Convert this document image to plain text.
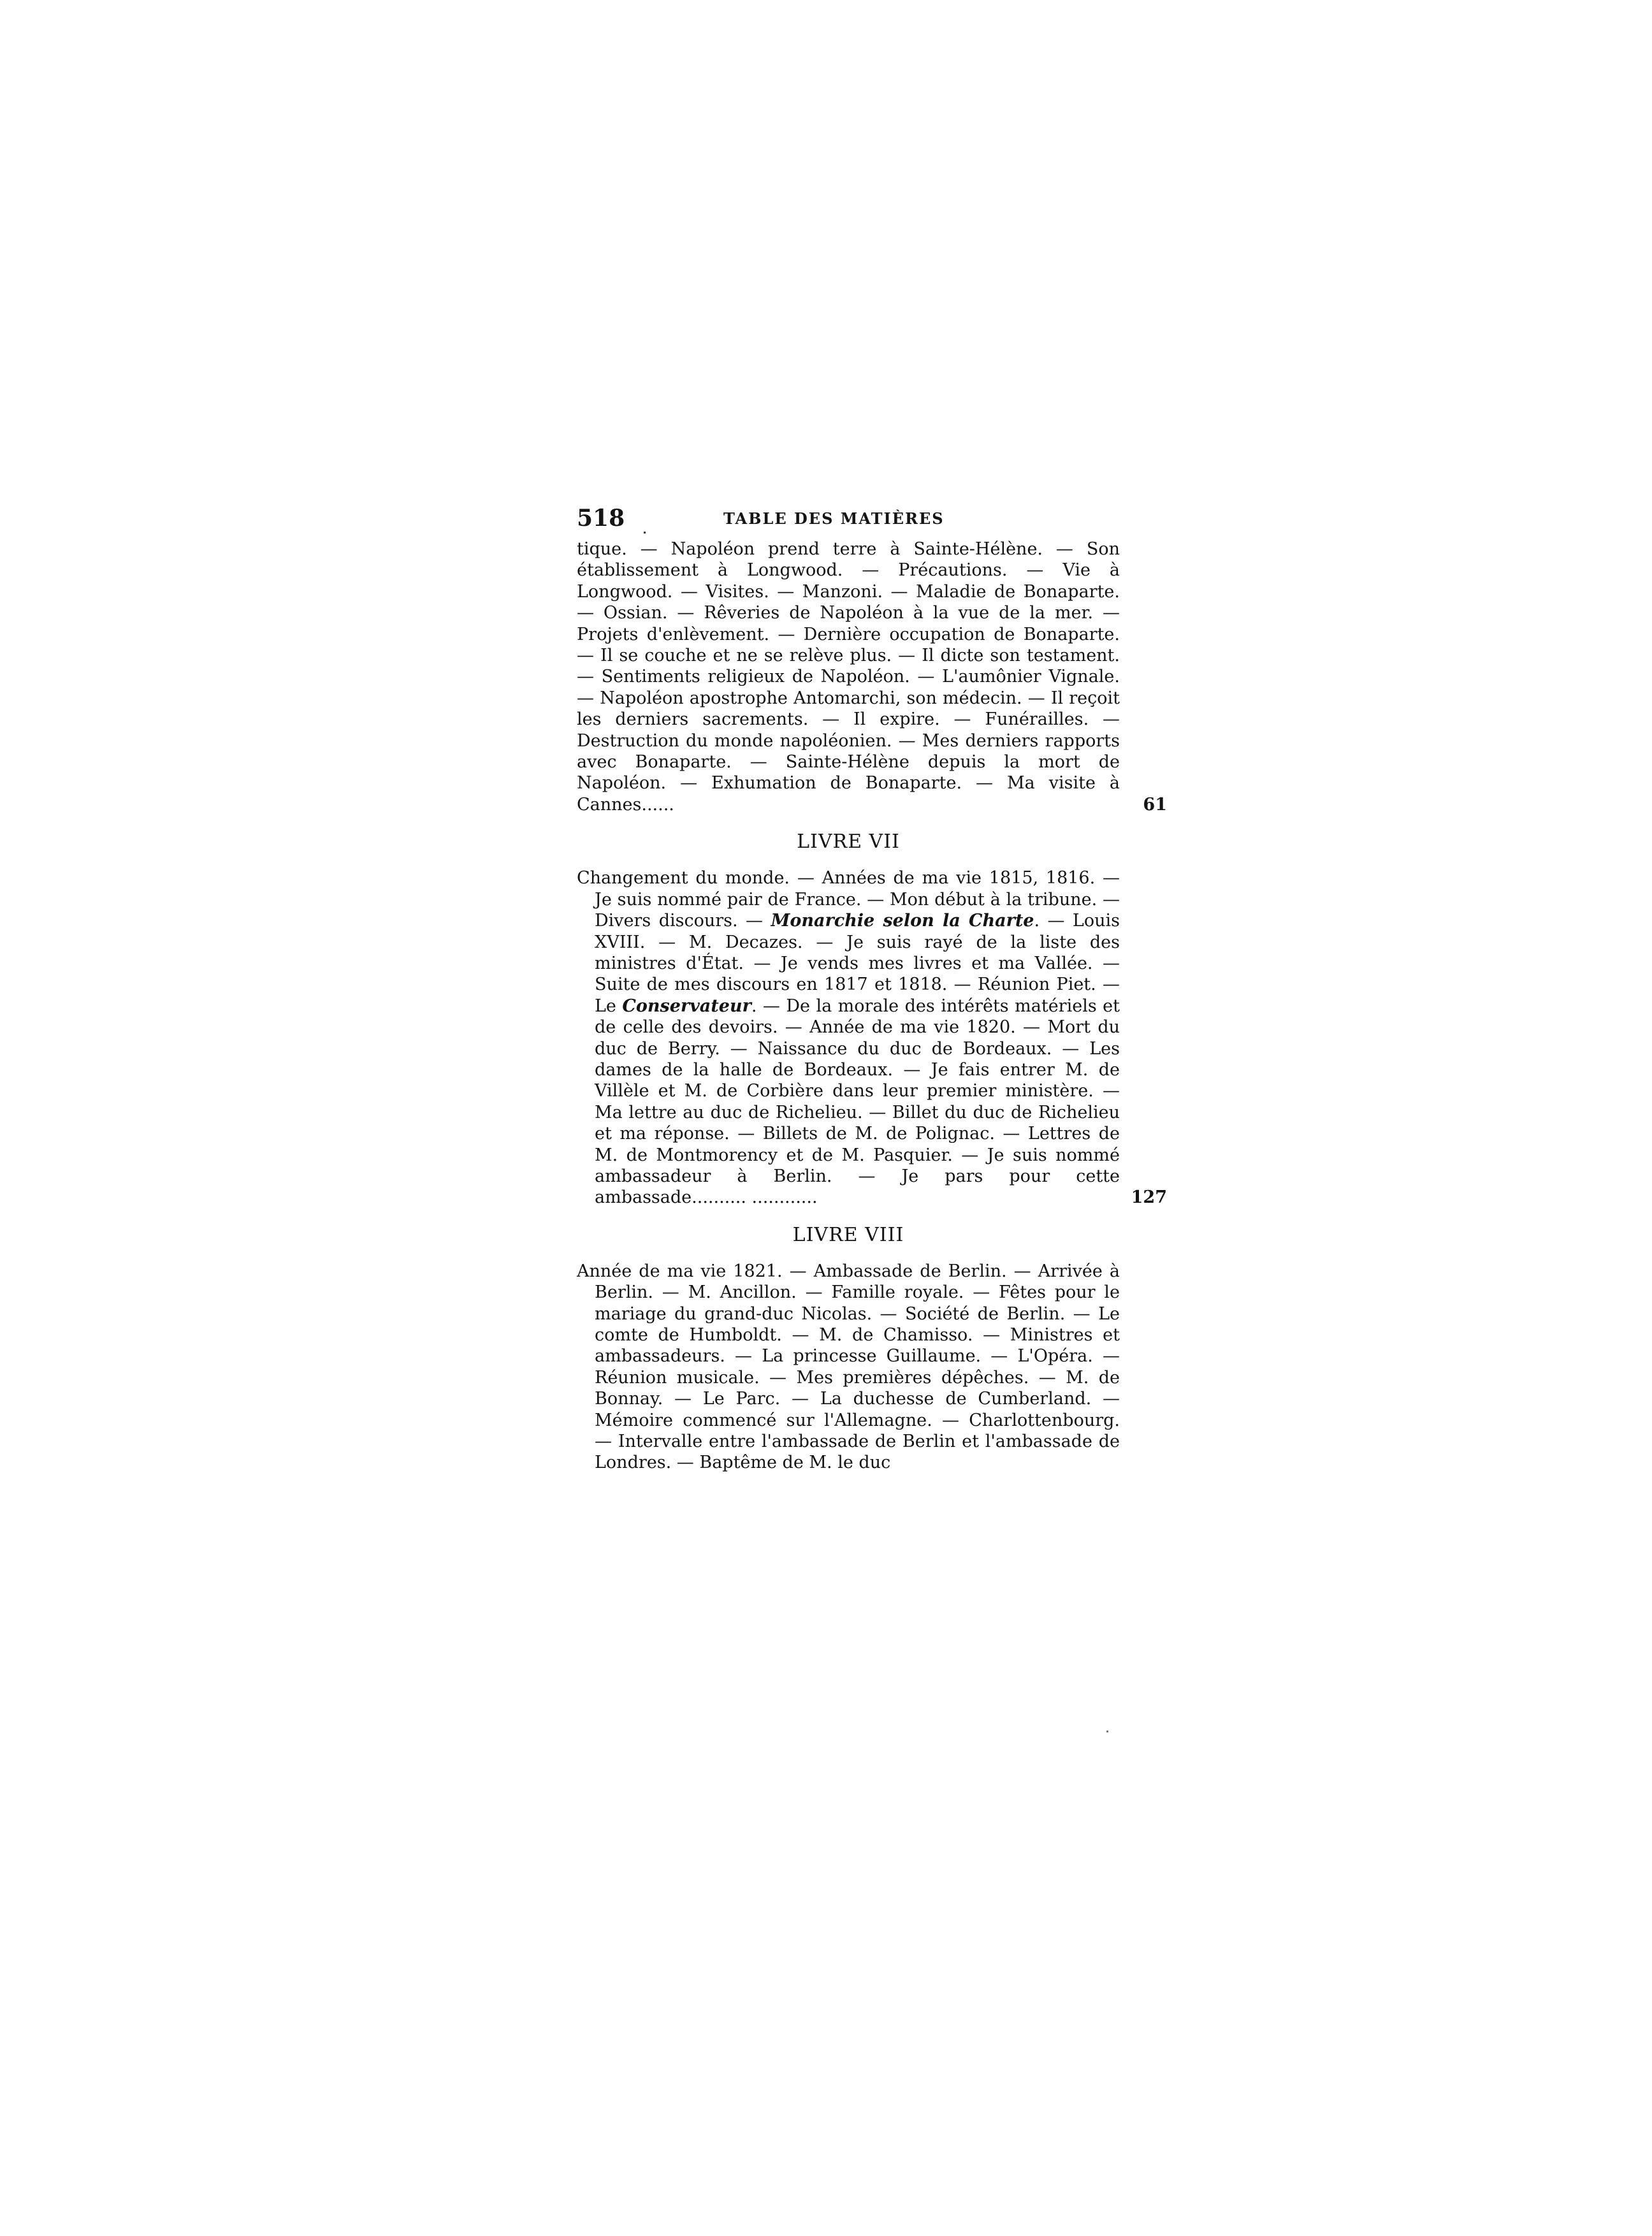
518	TABLE DES MATIÈRES

tique. — Napoléon prend terre à Sainte-Hélène. — Son établissement à Longwood. — Précautions. — Vie à Longwood. — Visites. — Manzoni. — Maladie de Bonaparte. — Ossian. — Rêveries de Napoléon à la vue de la mer. — Projets d'enlèvement. — Dernière occupation de Bonaparte. — Il se couche et ne se relève plus. — Il dicte son testament. — Sentiments religieux de Napoléon. — L'aumônier Vignale. — Napoléon apostrophe Antomarchi, son médecin. — Il reçoit les derniers sacrements. — Il expire. — Funérailles. — Destruction du monde napoléonien. — Mes derniers rapports avec Bonaparte. — Sainte-Hélène depuis la mort de Napoléon. — Exhumation de Bonaparte. — Ma visite à Cannes......	61

LIVRE VII

Changement du monde. — Années de ma vie 1815, 1816. — Je suis nommé pair de France. — Mon début à la tribune. — Divers discours. — Monarchie selon la Charte. — Louis XVIII. — M. Decazes. — Je suis rayé de la liste des ministres d'État. — Je vends mes livres et ma Vallée. — Suite de mes discours en 1817 et 1818. — Réunion Piet. — Le Conservateur. — De la morale des intérêts matériels et de celle des devoirs. — Année de ma vie 1820. — Mort du duc de Berry. — Naissance du duc de Bordeaux. — Les dames de la halle de Bordeaux. — Je fais entrer M. de Villèle et M. de Corbière dans leur premier ministère. — Ma lettre au duc de Richelieu. — Billet du duc de Richelieu et ma réponse. — Billets de M. de Polignac. — Lettres de M. de Montmorency et de M. Pasquier. — Je suis nommé ambassadeur à Berlin. — Je pars pour cette ambassade.......... ............	127

LIVRE VIII

Année de ma vie 1821. — Ambassade de Berlin. — Arrivée à Berlin. — M. Ancillon. — Famille royale. — Fêtes pour le mariage du grand-duc Nicolas. — Société de Berlin. — Le comte de Humboldt. — M. de Chamisso. — Ministres et ambassadeurs. — La princesse Guillaume. — L'Opéra. — Réunion musicale. — Mes premières dépêches. — M. de Bonnay. — Le Parc. — La duchesse de Cumberland. — Mémoire commencé sur l'Allemagne. — Charlottenbourg. — Intervalle entre l'ambassade de Berlin et l'ambassade de Londres. — Baptême de M. le duc
